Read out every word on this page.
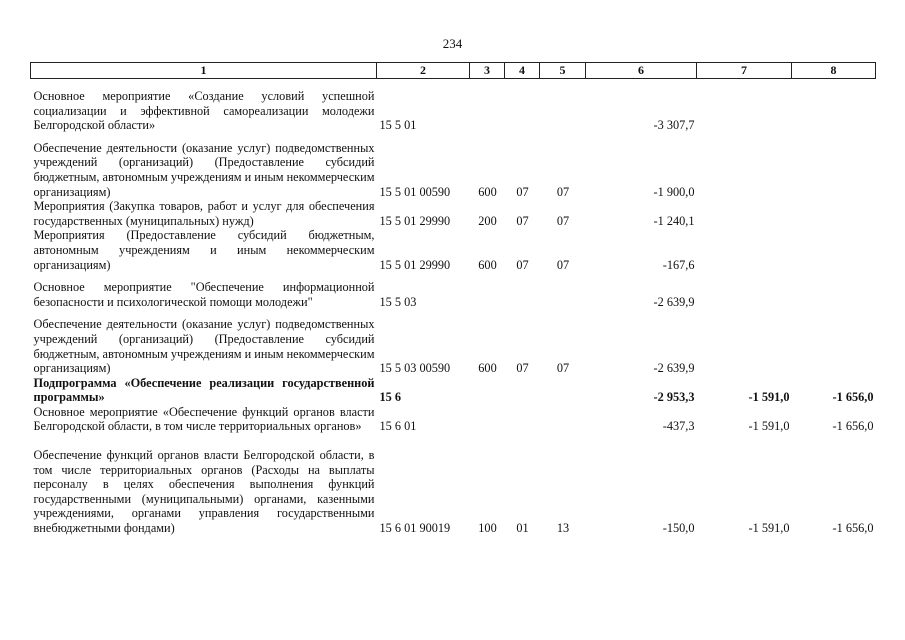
234
1	2	3	4	5	6	7	8

Основное мероприятие «Создание условий успешной социализации и эффективной самореализации молодежи Белгородской области»	15 5 01				-3 307,7		

Обеспечение деятельности (оказание услуг) подведомственных учреждений (организаций) (Предоставление субсидий бюджетным, автономным учреждениям и иным некоммерческим организациям)	15 5 01 00590	600	07	07	-1 900,0		
Мероприятия (Закупка товаров, работ и услуг для обеспечения государственных (муниципальных) нужд)	15 5 01 29990	200	07	07	-1 240,1		
Мероприятия (Предоставление субсидий бюджетным, автономным учреждениям и иным некоммерческим организациям)	15 5 01 29990	600	07	07	-167,6		

Основное мероприятие "Обеспечение информационной безопасности и психологической помощи молодежи"	15 5 03				-2 639,9		

Обеспечение деятельности (оказание услуг) подведомственных учреждений (организаций) (Предоставление субсидий бюджетным, автономным учреждениям и иным некоммерческим организациям)	15 5 03 00590	600	07	07	-2 639,9		
Подпрограмма «Обеспечение реализации государственной программы»	15 6				-2 953,3	-1 591,0	-1 656,0
Основное мероприятие «Обеспечение функций органов власти Белгородской области, в том числе территориальных органов»	15 6 01				-437,3	-1 591,0	-1 656,0

Обеспечение функций органов власти Белгородской области, в том числе территориальных органов (Расходы на выплаты персоналу в целях обеспечения выполнения функций государственными (муниципальными) органами, казенными учреждениями, органами управления государственными внебюджетными фондами)	15 6 01 90019	100	01	13	-150,0	-1 591,0	-1 656,0
